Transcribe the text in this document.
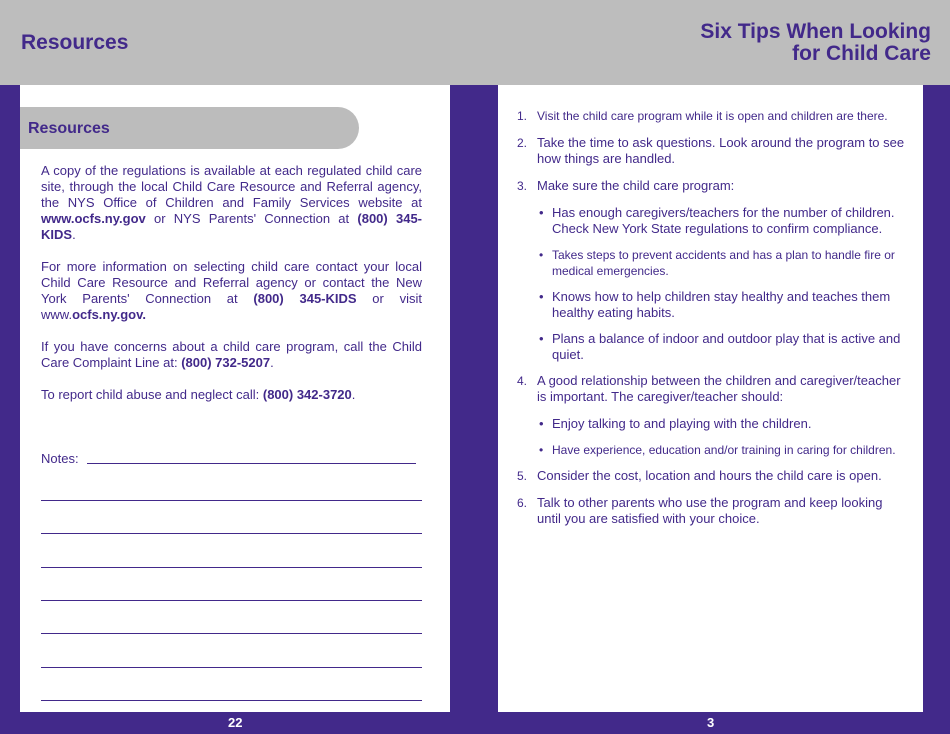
Resources	Six Tips When Looking
for Child Care
Resources

A copy of the regulations is available at each regulated child care site, through the local Child Care Resource and Referral agency, the NYS Office of Children and Family Services website at www.ocfs.ny.gov or NYS Parents' Connection at (800) 345-KIDS.

For more information on selecting child care contact your local Child Care Resource and Referral agency or contact the New York Parents' Connection at (800) 345-KIDS or visit www.ocfs.ny.gov.

If you have concerns about a child care program, call the Child Care Complaint Line at: (800) 732-5207.

To report child abuse and neglect call: (800) 342-3720.

Notes:
1. Visit the child care program while it is open and children are there.
2. Take the time to ask questions. Look around the program to see how things are handled.
3. Make sure the child care program:
• Has enough caregivers/teachers for the number of children. Check New York State regulations to confirm compliance.
• Takes steps to prevent accidents and has a plan to handle fire or medical emergencies.
• Knows how to help children stay healthy and teaches them healthy eating habits.
• Plans a balance of indoor and outdoor play that is active and quiet.
4. A good relationship between the children and caregiver/teacher is important. The caregiver/teacher should:
• Enjoy talking to and playing with the children.
• Have experience, education and/or training in caring for children.
5. Consider the cost, location and hours the child care is open.
6. Talk to other parents who use the program and keep looking until you are satisfied with your choice.
22	3
